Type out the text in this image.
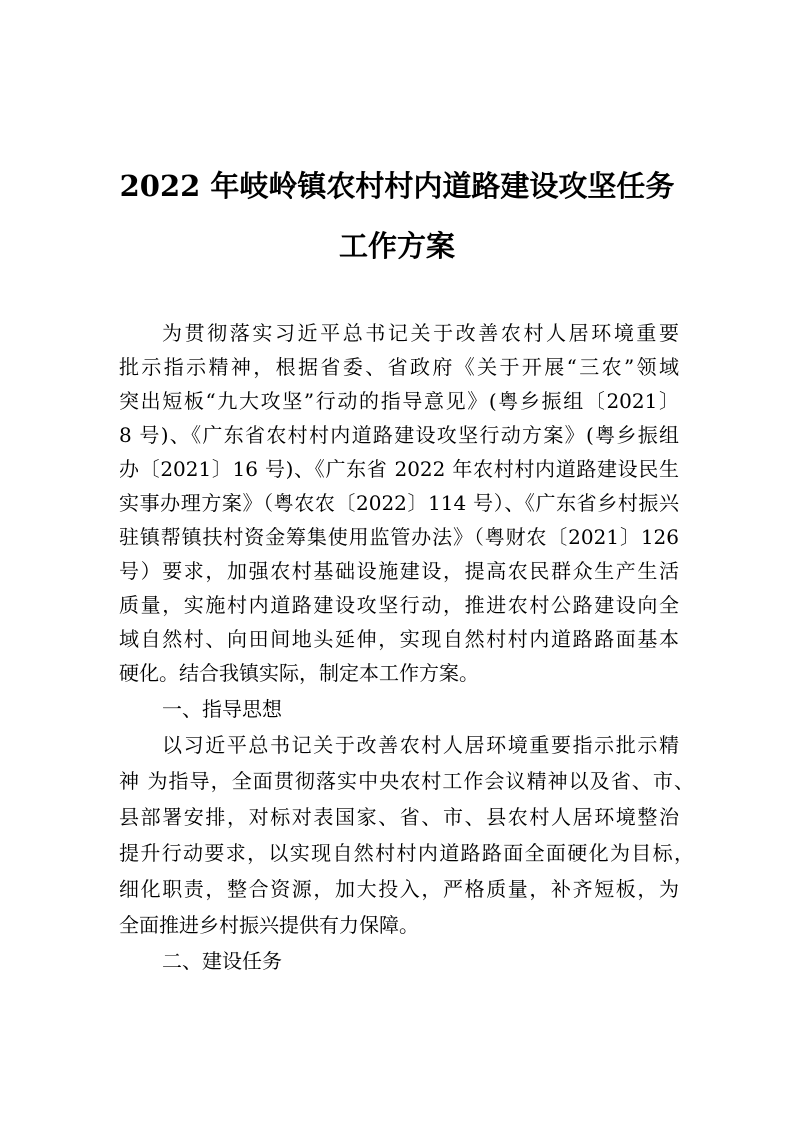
2022 年岐岭镇农村村内道路建设攻坚任务
工作方案
为贯彻落实习近平总书记关于改善农村人居环境重要
批示指示精神，根据省委、省政府《关于开展“三农”领域
突出短板“九大攻坚”行动的指导意见》(粤乡振组〔2021〕
8 号)、《广东省农村村内道路建设攻坚行动方案》(粤乡振组
办〔2021〕16 号)、《广东省 2022 年农村村内道路建设民生
实事办理方案》（粤农农〔2022〕114 号）、《广东省乡村振兴
驻镇帮镇扶村资金筹集使用监管办法》（粤财农〔2021〕126
号）要求，加强农村基础设施建设，提高农民群众生产生活
质量，实施村内道路建设攻坚行动，推进农村公路建设向全
域自然村、向田间地头延伸，实现自然村村内道路路面基本
硬化。结合我镇实际，制定本工作方案。
一、指导思想
以习近平总书记关于改善农村人居环境重要指示批示精
神 为指导，全面贯彻落实中央农村工作会议精神以及省、市、
县部署安排，对标对表国家、省、市、县农村人居环境整治
提升行动要求，以实现自然村村内道路路面全面硬化为目标，
细化职责，整合资源，加大投入，严格质量，补齐短板，为
全面推进乡村振兴提供有力保障。
二、建设任务
